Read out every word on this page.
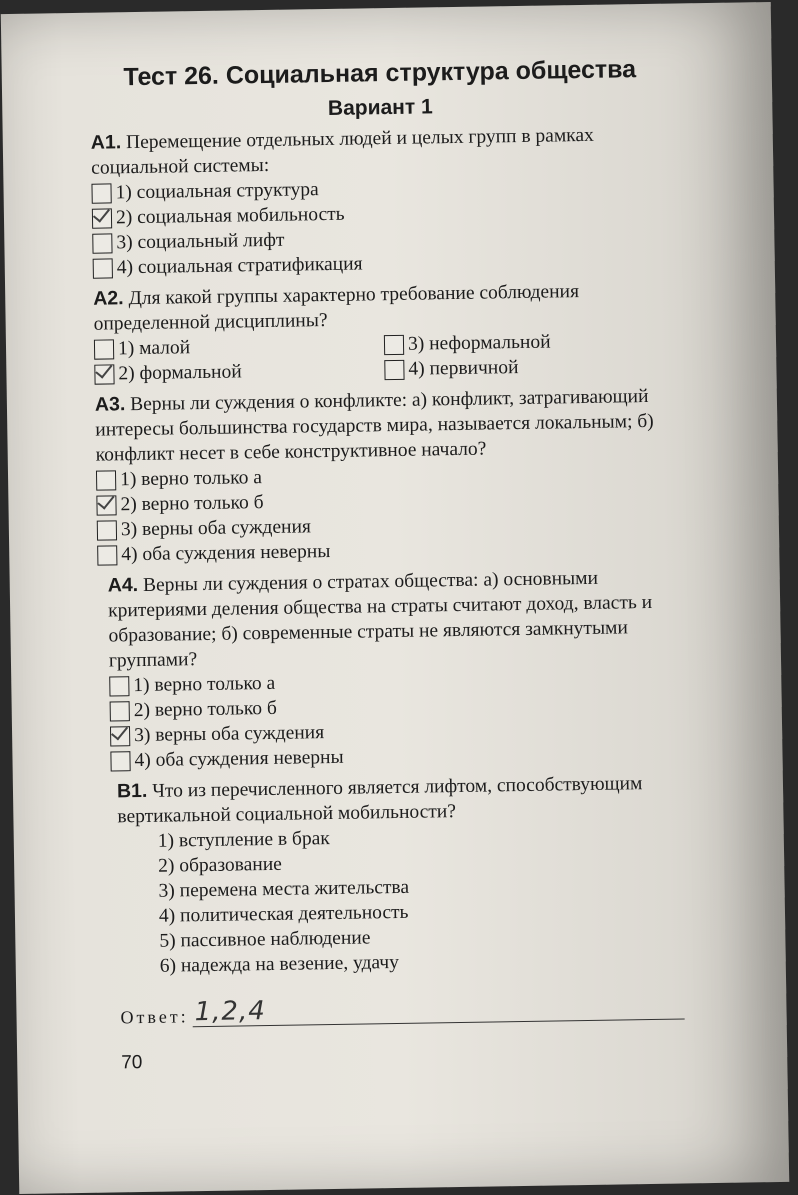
Тест 26. Социальная структура общества
Вариант 1

А1. Перемещение отдельных людей и целых групп в рамках социальной системы:

1) социальная структура
2) социальная мобильность
3) социальный лифт
4) социальная стратификация

А2. Для какой группы характерно требование соблюдения определенной дисциплины?

1) малой
2) формальной
3) неформальной
4) первичной

А3. Верны ли суждения о конфликте: а) конфликт, затрагивающий интересы большинства государств мира, называется локальным; б) конфликт несет в себе конструктивное начало?

1) верно только а
2) верно только б
3) верны оба суждения
4) оба суждения неверны

А4. Верны ли суждения о стратах общества: а) основными критериями деления общества на страты считают доход, власть и образование; б) современные страты не являются замкнутыми группами?

1) верно только а
2) верно только б
3) верны оба суждения
4) оба суждения неверны

В1. Что из перечисленного является лифтом, способствующим вертикальной социальной мобильности?

1) вступление в брак
2) образование
3) перемена места жительства
4) политическая деятельность
5) пассивное наблюдение
6) надежда на везение, удачу
Ответ: 1,2,4
70
